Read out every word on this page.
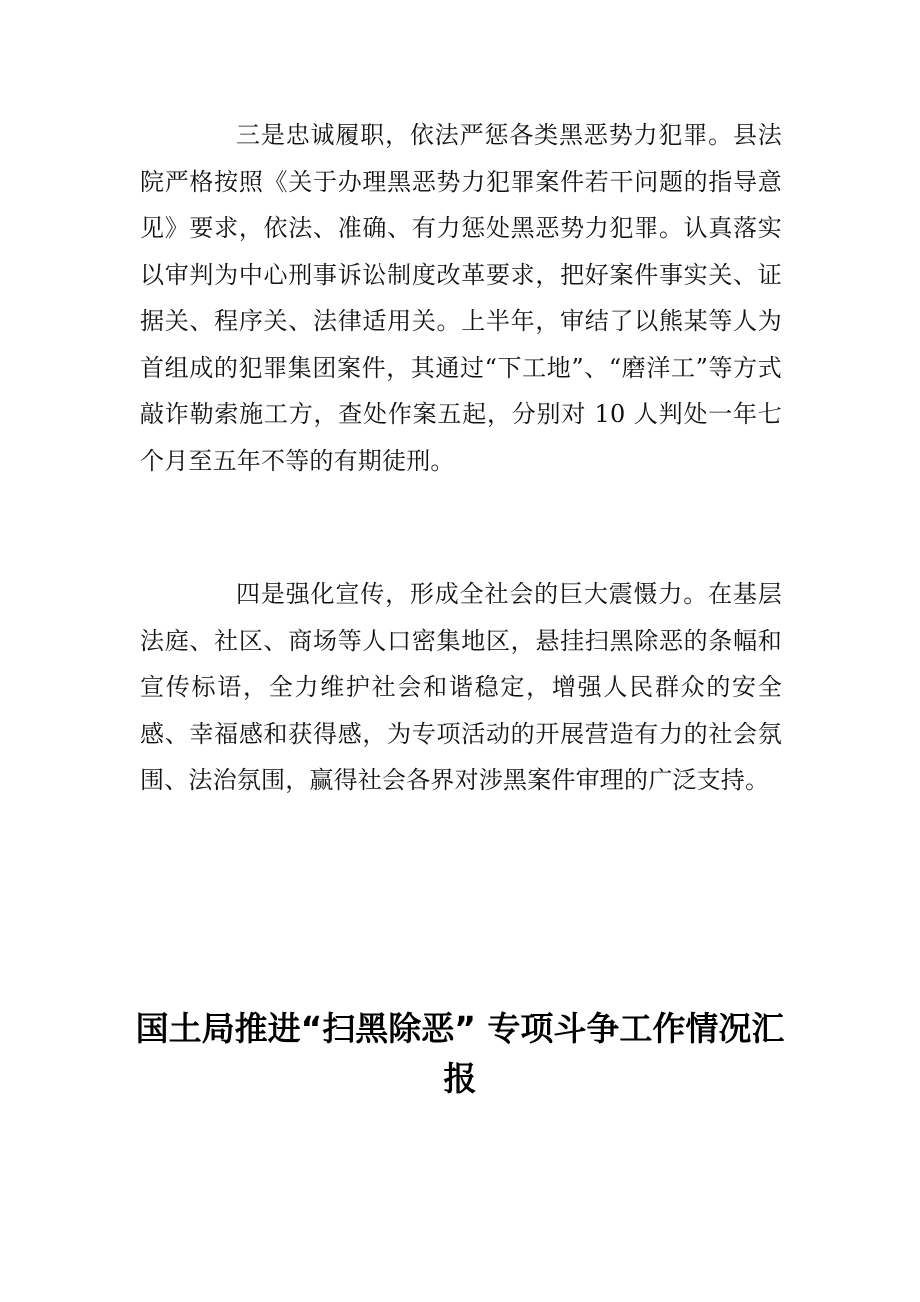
三是忠诚履职，依法严惩各类黑恶势力犯罪。县法院严格按照《关于办理黑恶势力犯罪案件若干问题的指导意见》要求，依法、准确、有力惩处黑恶势力犯罪。认真落实以审判为中心刑事诉讼制度改革要求，把好案件事实关、证据关、程序关、法律适用关。上半年，审结了以熊某等人为首组成的犯罪集团案件，其通过“下工地”、“磨洋工”等方式敲诈勒索施工方，查处作案五起，分别对 10 人判处一年七个月至五年不等的有期徒刑。

四是强化宣传，形成全社会的巨大震慑力。在基层法庭、社区、商场等人口密集地区，悬挂扫黑除恶的条幅和宣传标语，全力维护社会和谐稳定，增强人民群众的安全感、幸福感和获得感，为专项活动的开展营造有力的社会氛围、法治氛围，赢得社会各界对涉黑案件审理的广泛支持。

国土局推进“扫黑除恶” 专项斗争工作情况汇报
